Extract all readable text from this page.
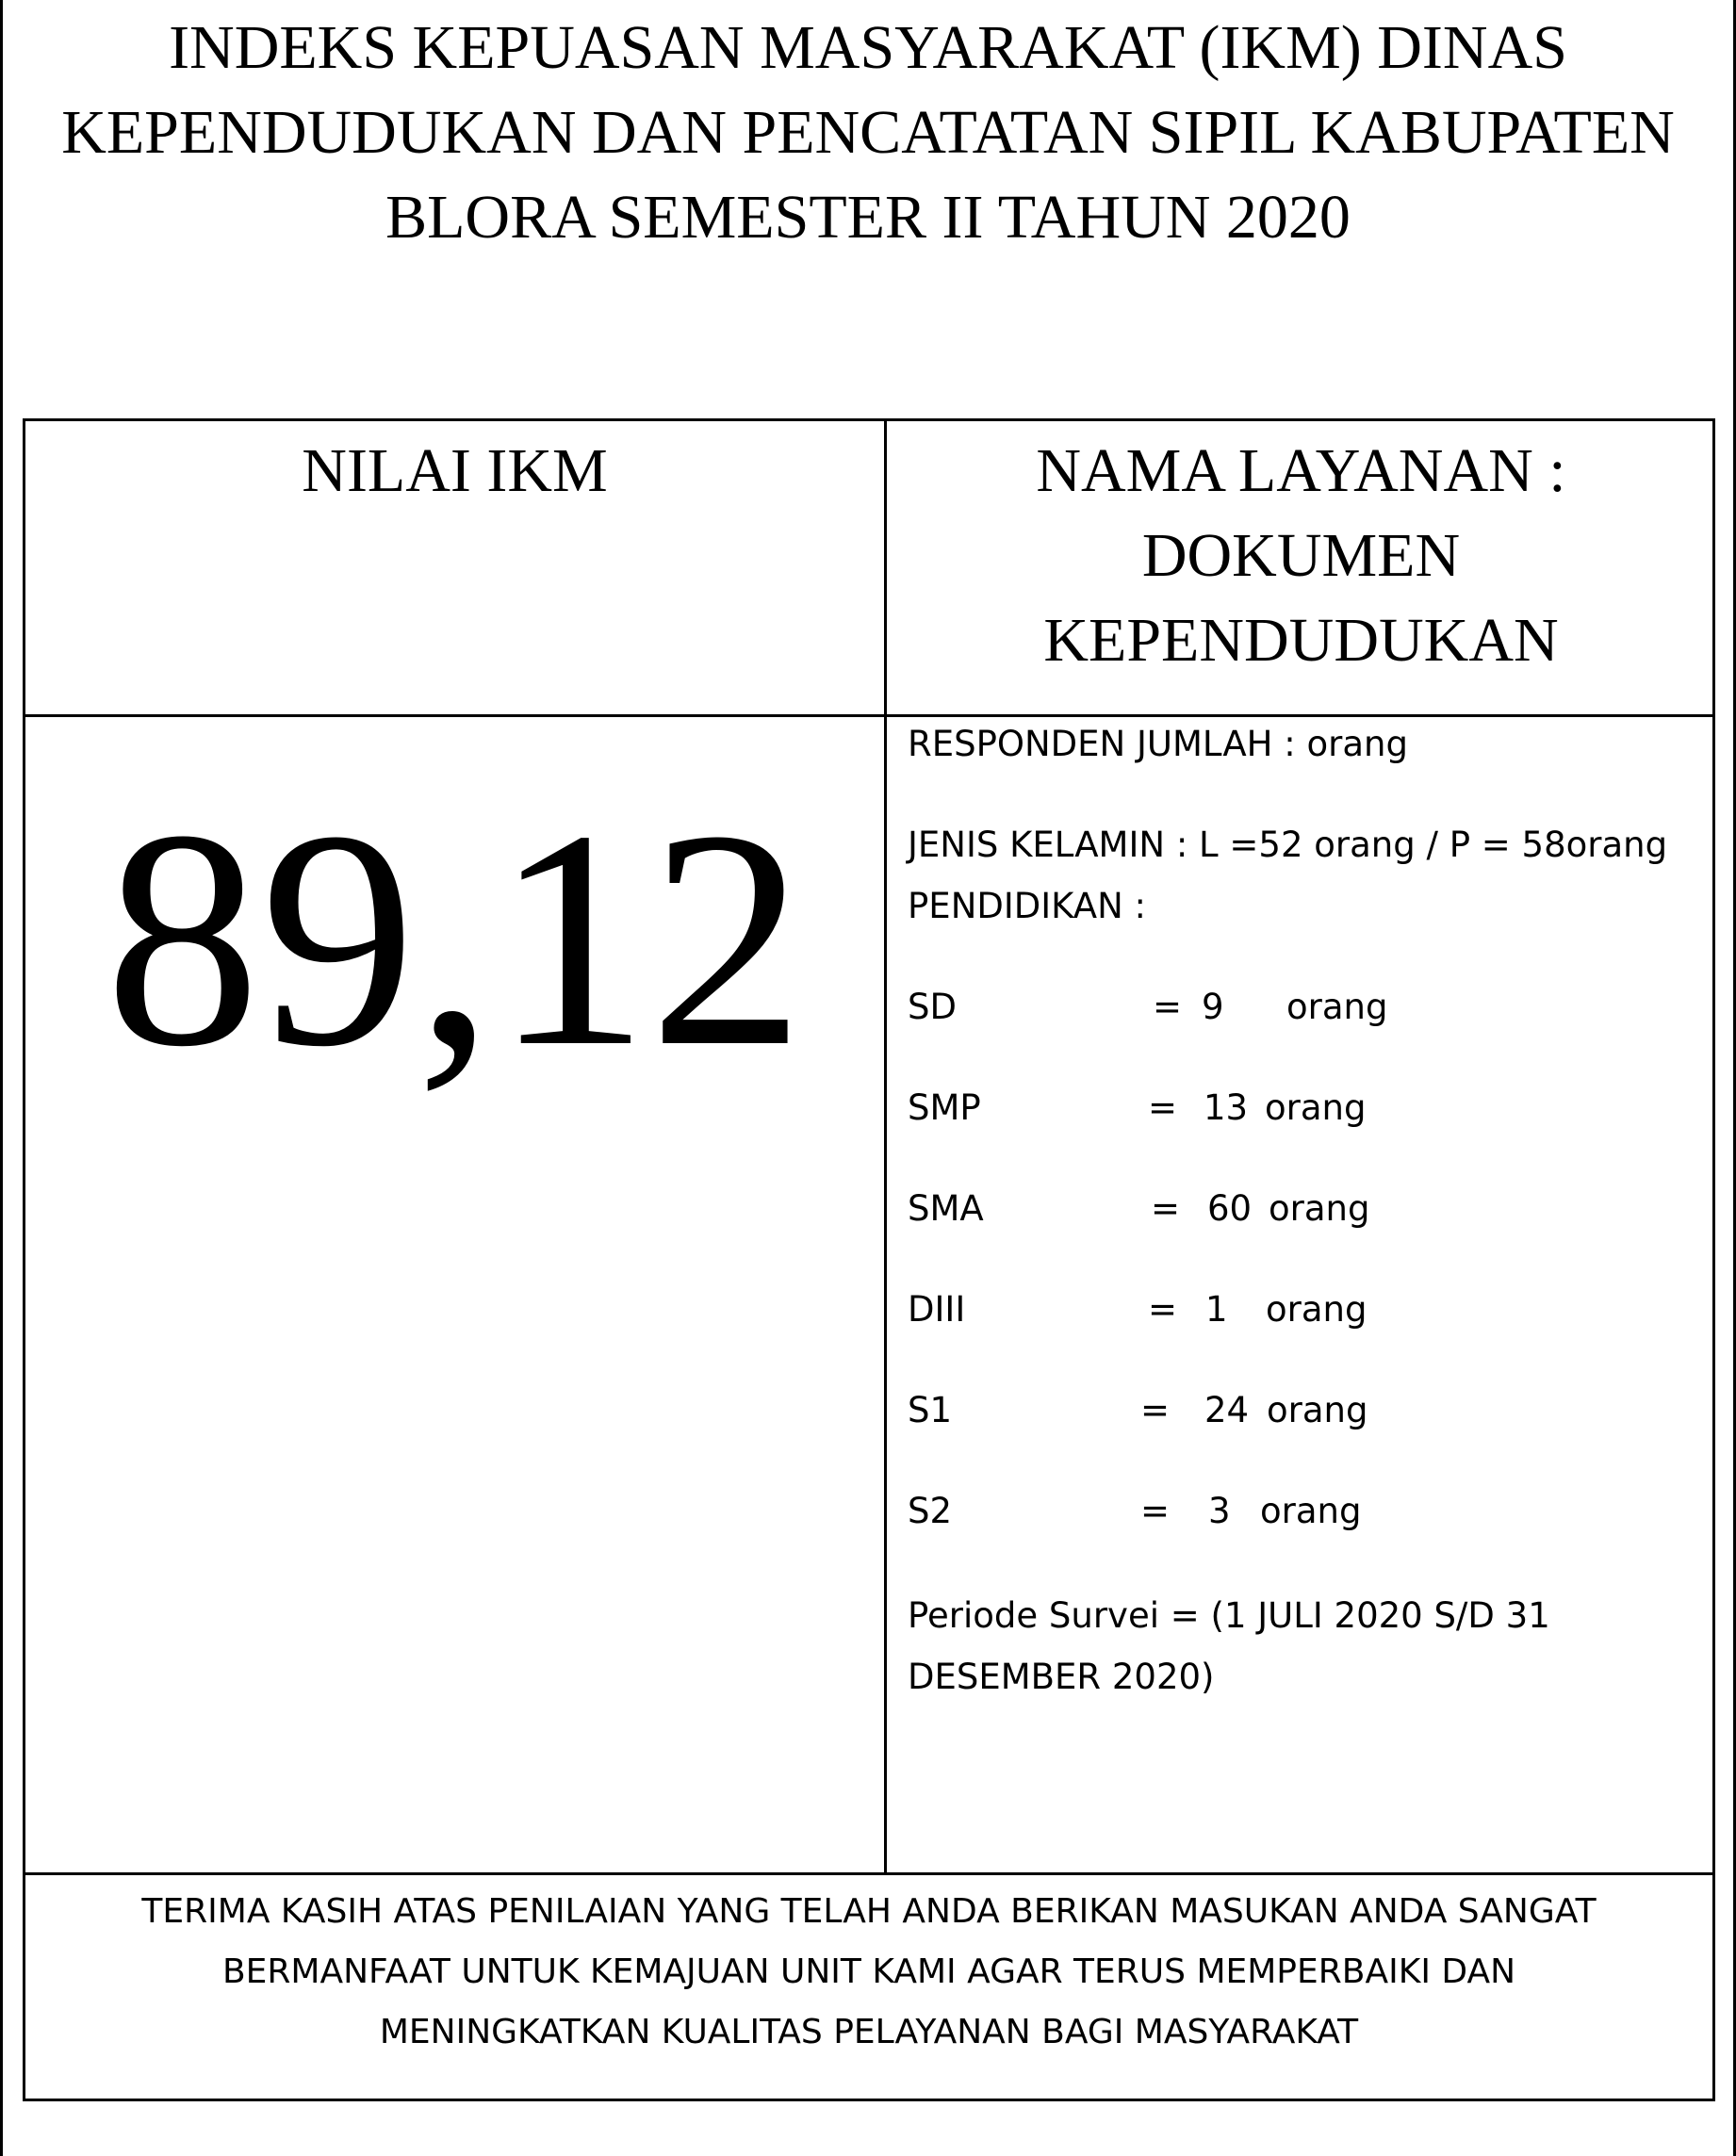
INDEKS KEPUASAN MASYARAKAT (IKM) DINAS
KEPENDUDUKAN DAN PENCATATAN SIPIL KABUPATEN
BLORA SEMESTER II TAHUN 2020
NILAI IKM	NAMA LAYANAN :
DOKUMEN
KEPENDUDUKAN
89,12
RESPONDEN JUMLAH : orang
JENIS KELAMIN : L =52 orang / P = 58orang
PENDIDIKAN :
SD	= 9 orang
SMP	= 13 orang
SMA	= 60 orang
DIII	= 1 orang
S1	= 24 orang
S2	= 3 orang
Periode Survei = (1 JULI 2020 S/D 31
DESEMBER 2020)
TERIMA KASIH ATAS PENILAIAN YANG TELAH ANDA BERIKAN MASUKAN ANDA SANGAT
BERMANFAAT UNTUK KEMAJUAN UNIT KAMI AGAR TERUS MEMPERBAIKI DAN
MENINGKATKAN KUALITAS PELAYANAN BAGI MASYARAKAT
